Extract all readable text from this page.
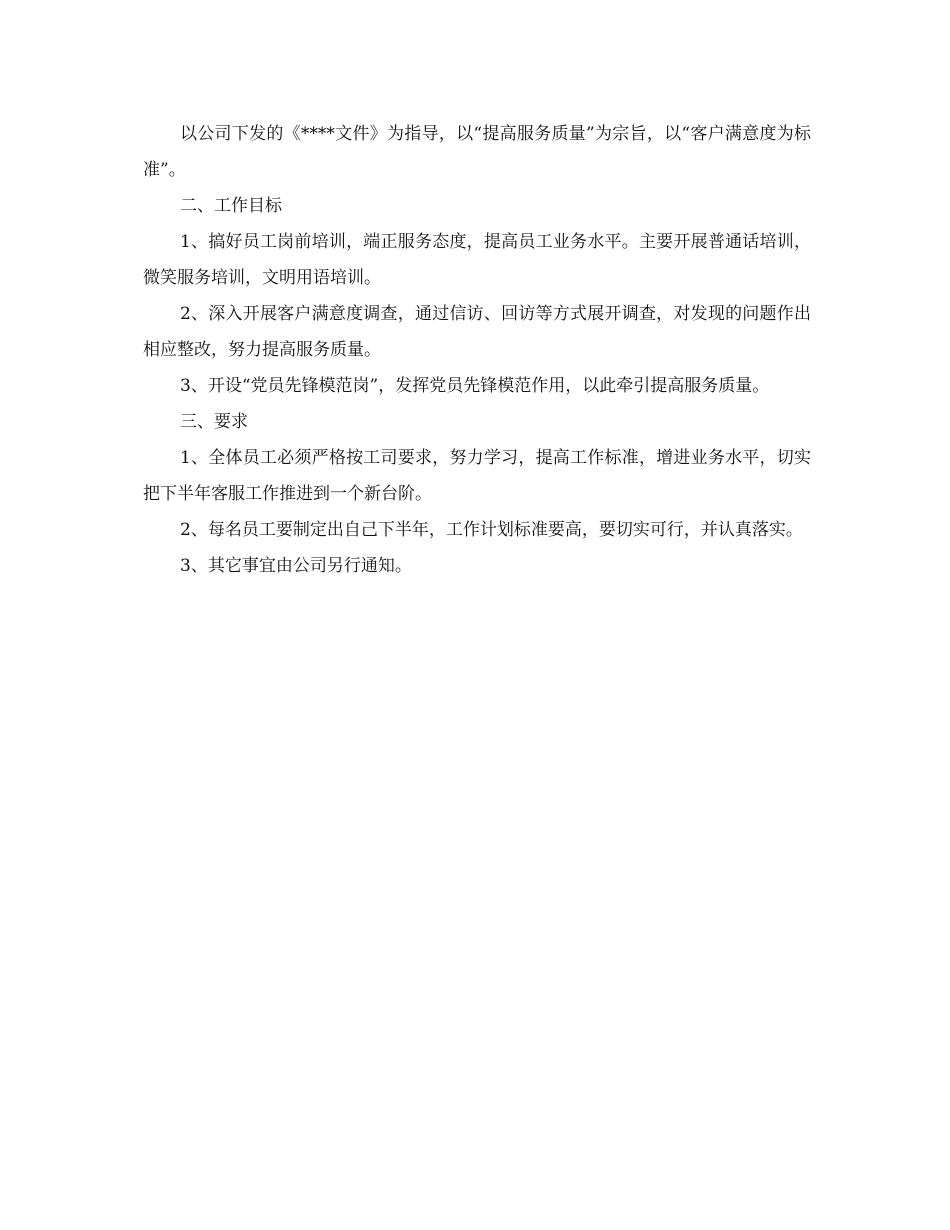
以公司下发的《****文件》为指导，以“提高服务质量”为宗旨，以“客户满意度为标准”。

二、工作目标

1、搞好员工岗前培训，端正服务态度，提高员工业务水平。主要开展普通话培训，微笑服务培训，文明用语培训。

2、深入开展客户满意度调查，通过信访、回访等方式展开调查，对发现的问题作出相应整改，努力提高服务质量。

3、开设“党员先锋模范岗”，发挥党员先锋模范作用，以此牵引提高服务质量。

三、要求

1、全体员工必须严格按工司要求，努力学习，提高工作标准，增进业务水平，切实把下半年客服工作推进到一个新台阶。

2、每名员工要制定出自己下半年，工作计划标准要高，要切实可行，并认真落实。

3、其它事宜由公司另行通知。
